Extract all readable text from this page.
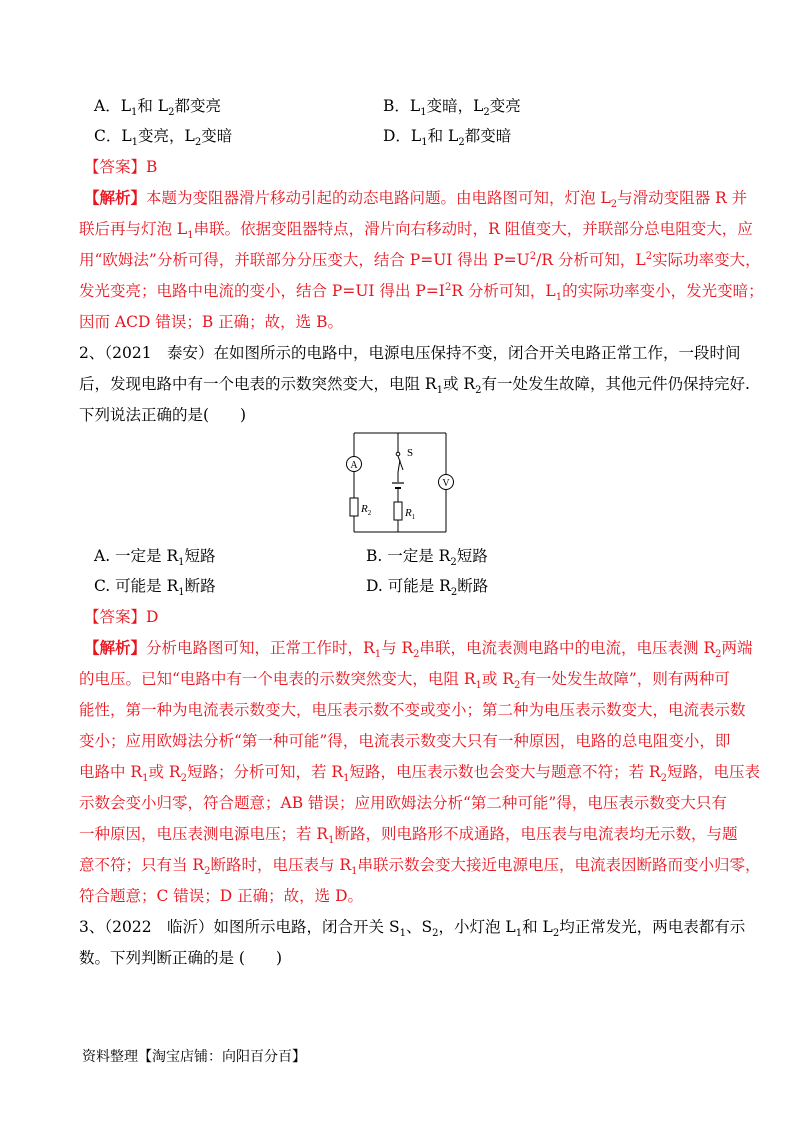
A．$L_1$和 $L_2$都变亮	B．$L_1$变暗，$L_2$变亮
C．$L_1$变亮，$L_2$变暗	D．$L_1$和 $L_2$都变暗
【答案】B
【解析】本题为变阻器滑片移动引起的动态电路问题。由电路图可知，灯泡 $L_2$与滑动变阻器 R 并
联后再与灯泡 $L_1$串联。依据变阻器特点，滑片向右移动时，R 阻值变大，并联部分总电阻变大，应
用“欧姆法”分析可得，并联部分分压变大，结合 P=UI 得出 $P=U^2/R$ 分析可知，$L^2$实际功率变大，
发光变亮；电路中电流的变小，结合 P=UI 得出 $P=I^2R$ 分析可知，$L_1$的实际功率变小，发光变暗；
因而 ACD 错误；B 正确；故，选 B。
2、（2021　泰安）在如图所示的电路中，电源电压保持不变，闭合开关电路正常工作，一段时间
后，发现电路中有一个电表的示数突然变大，电阻 $R_1$或 $R_2$有一处发生故障，其他元件仍保持完好.
下列说法正确的是(　　)
A
V
S
$R_2$	$R_1$
A. 一定是 $R_1$短路	B. 一定是 $R_2$短路
C. 可能是 $R_1$断路	D. 可能是 $R_2$断路
【答案】D
【解析】分析电路图可知，正常工作时，$R_1$与 $R_2$串联，电流表测电路中的电流，电压表测 $R_2$两端
的电压。已知“电路中有一个电表的示数突然变大，电阻 $R_1$或 $R_2$有一处发生故障”，则有两种可
能性，第一种为电流表示数变大，电压表示数不变或变小；第二种为电压表示数变大，电流表示数
变小；应用欧姆法分析“第一种可能”得，电流表示数变大只有一种原因，电路的总电阻变小，即
电路中 $R_1$或 $R_2$短路；分析可知，若 $R_1$短路，电压表示数也会变大与题意不符；若 $R_2$短路，电压表
示数会变小归零，符合题意；AB 错误；应用欧姆法分析“第二种可能”得，电压表示数变大只有
一种原因，电压表测电源电压；若 $R_1$断路，则电路形不成通路，电压表与电流表均无示数，与题
意不符；只有当 $R_2$断路时，电压表与 $R_1$串联示数会变大接近电源电压，电流表因断路而变小归零，
符合题意；C 错误；D 正确；故，选 D。
3、（2022　临沂）如图所示电路，闭合开关 $S_1$、$S_2$，小灯泡 $L_1$和 $L_2$均正常发光，两电表都有示
数。下列判断正确的是 (　　)
资料整理【淘宝店铺：向阳百分百】
